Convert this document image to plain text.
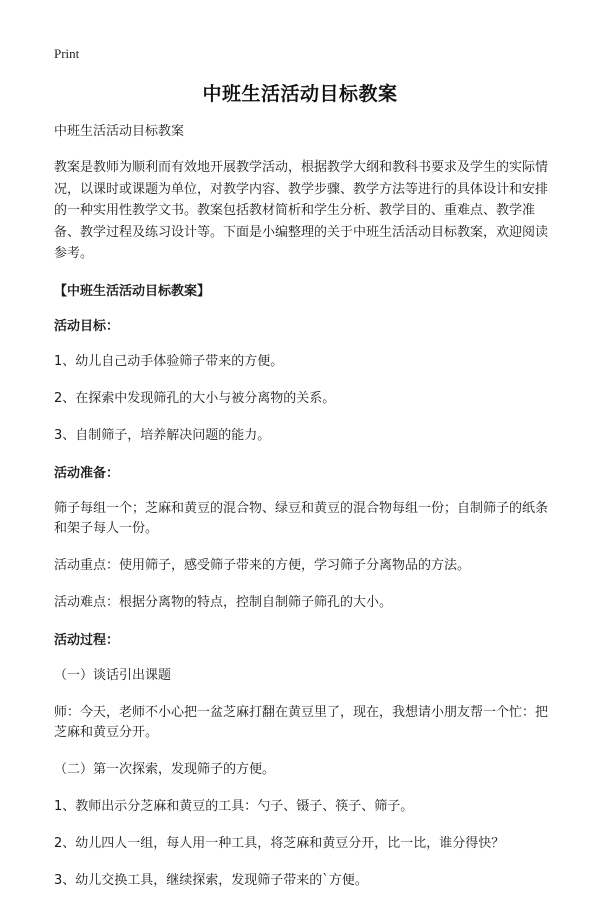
Print
中班生活活动目标教案

中班生活活动目标教案

教案是教师为顺利而有效地开展教学活动，根据教学大纲和教科书要求及学生的实际情况，以课时或课题为单位，对教学内容、教学步骤、教学方法等进行的具体设计和安排的一种实用性教学文书。教案包括教材简析和学生分析、教学目的、重难点、教学准备、教学过程及练习设计等。下面是小编整理的关于中班生活活动目标教案，欢迎阅读参考。

【中班生活活动目标教案】

活动目标：

1、幼儿自己动手体验筛子带来的方便。

2、在探索中发现筛孔的大小与被分离物的关系。

3、自制筛子，培养解决问题的能力。

活动准备：

筛子每组一个；芝麻和黄豆的混合物、绿豆和黄豆的混合物每组一份；自制筛子的纸条和架子每人一份。

活动重点：使用筛子，感受筛子带来的方便，学习筛子分离物品的方法。

活动难点：根据分离物的特点，控制自制筛子筛孔的大小。

活动过程：

（一）谈话引出课题

师：今天，老师不小心把一盆芝麻打翻在黄豆里了，现在，我想请小朋友帮一个忙：把芝麻和黄豆分开。

（二）第一次探索，发现筛子的方便。

1、教师出示分芝麻和黄豆的工具：勺子、镊子、筷子、筛子。

2、幼儿四人一组，每人用一种工具，将芝麻和黄豆分开，比一比，谁分得快？

3、幼儿交换工具，继续探索，发现筛子带来的`方便。
